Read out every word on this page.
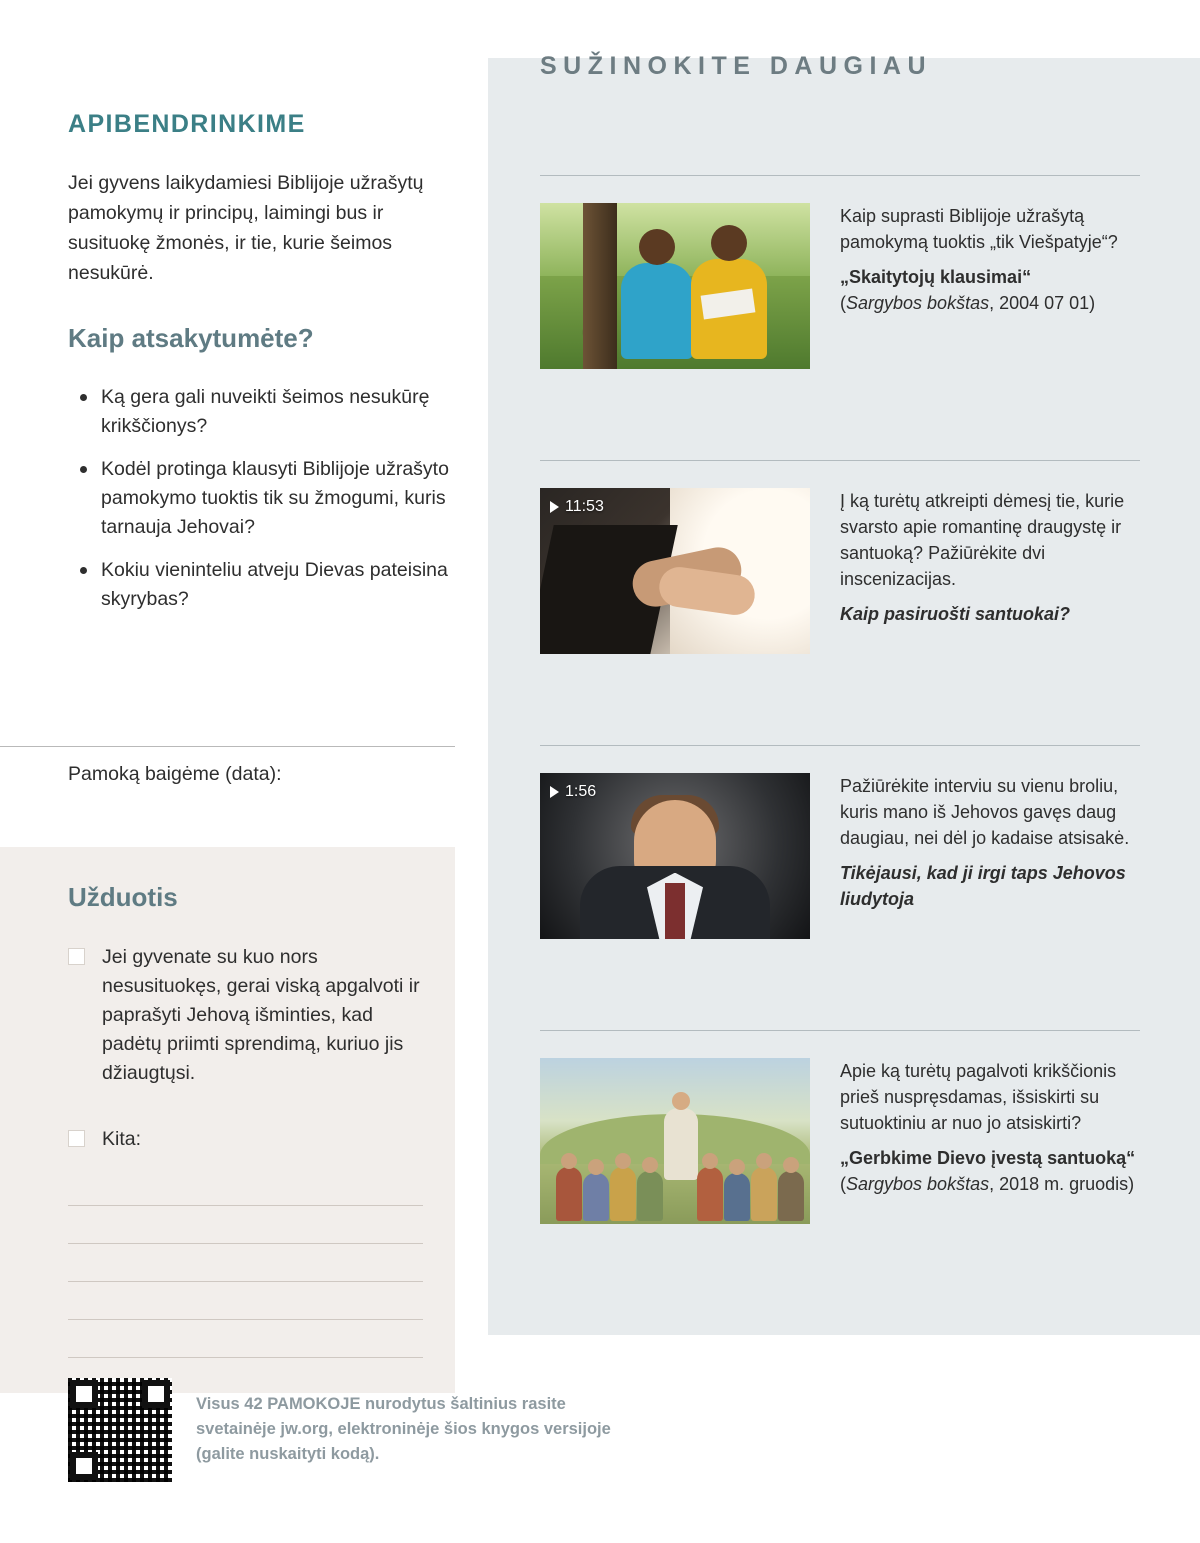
APIBENDRINKIME
Jei gyvens laikydamiesi Biblijoje užrašytų pamokymų ir principų, laimingi bus ir susituokę žmonės, ir tie, kurie šeimos nesukūrė.
Kaip atsakytumėte?
Ką gera gali nuveikti šeimos nesukūrę krikščionys?
Kodėl protinga klausyti Biblijoje užrašyto pamokymo tuoktis tik su žmogumi, kuris tarnauja Jehovai?
Kokiu vieninteliu atveju Dievas pateisina skyrybas?
Pamoką baigėme (data):
Užduotis
Jei gyvenate su kuo nors nesusituokęs, gerai viską apgalvoti ir paprašyti Jehovą išminties, kad padėtų priimti sprendimą, kuriuo jis džiaugtųsi.
Kita:
SUŽINOKITE DAUGIAU

Kaip suprasti Biblijoje užrašytą pamokymą tuoktis „tik Viešpatyje“?

„Skaitytojų klausimai“
(Sargybos bokštas, 2004 07 01)

11:53	Į ką turėtų atkreipti dėmesį tie, kurie svarsto apie romantinę draugystę ir santuoką? Pažiūrėkite dvi inscenizacijas.

Kaip pasiruošti santuokai?

1:56	Pažiūrėkite interviu su vienu broliu, kuris mano iš Jehovos gavęs daug daugiau, nei dėl jo kadaise atsisakė.

Tikėjausi, kad ji irgi taps Jehovos liudytoja

Apie ką turėtų pagalvoti krikščionis prieš nuspręsdamas, išsiskirti su sutuoktiniu ar nuo jo atsiskirti?

„Gerbkime Dievo įvestą santuoką“ (Sargybos bokštas, 2018 m. gruodis)

Visus 42 PAMOKOJE nurodytus šaltinius rasite svetainėje jw.org, elektroninėje šios knygos versijoje (galite nuskaityti kodą).
